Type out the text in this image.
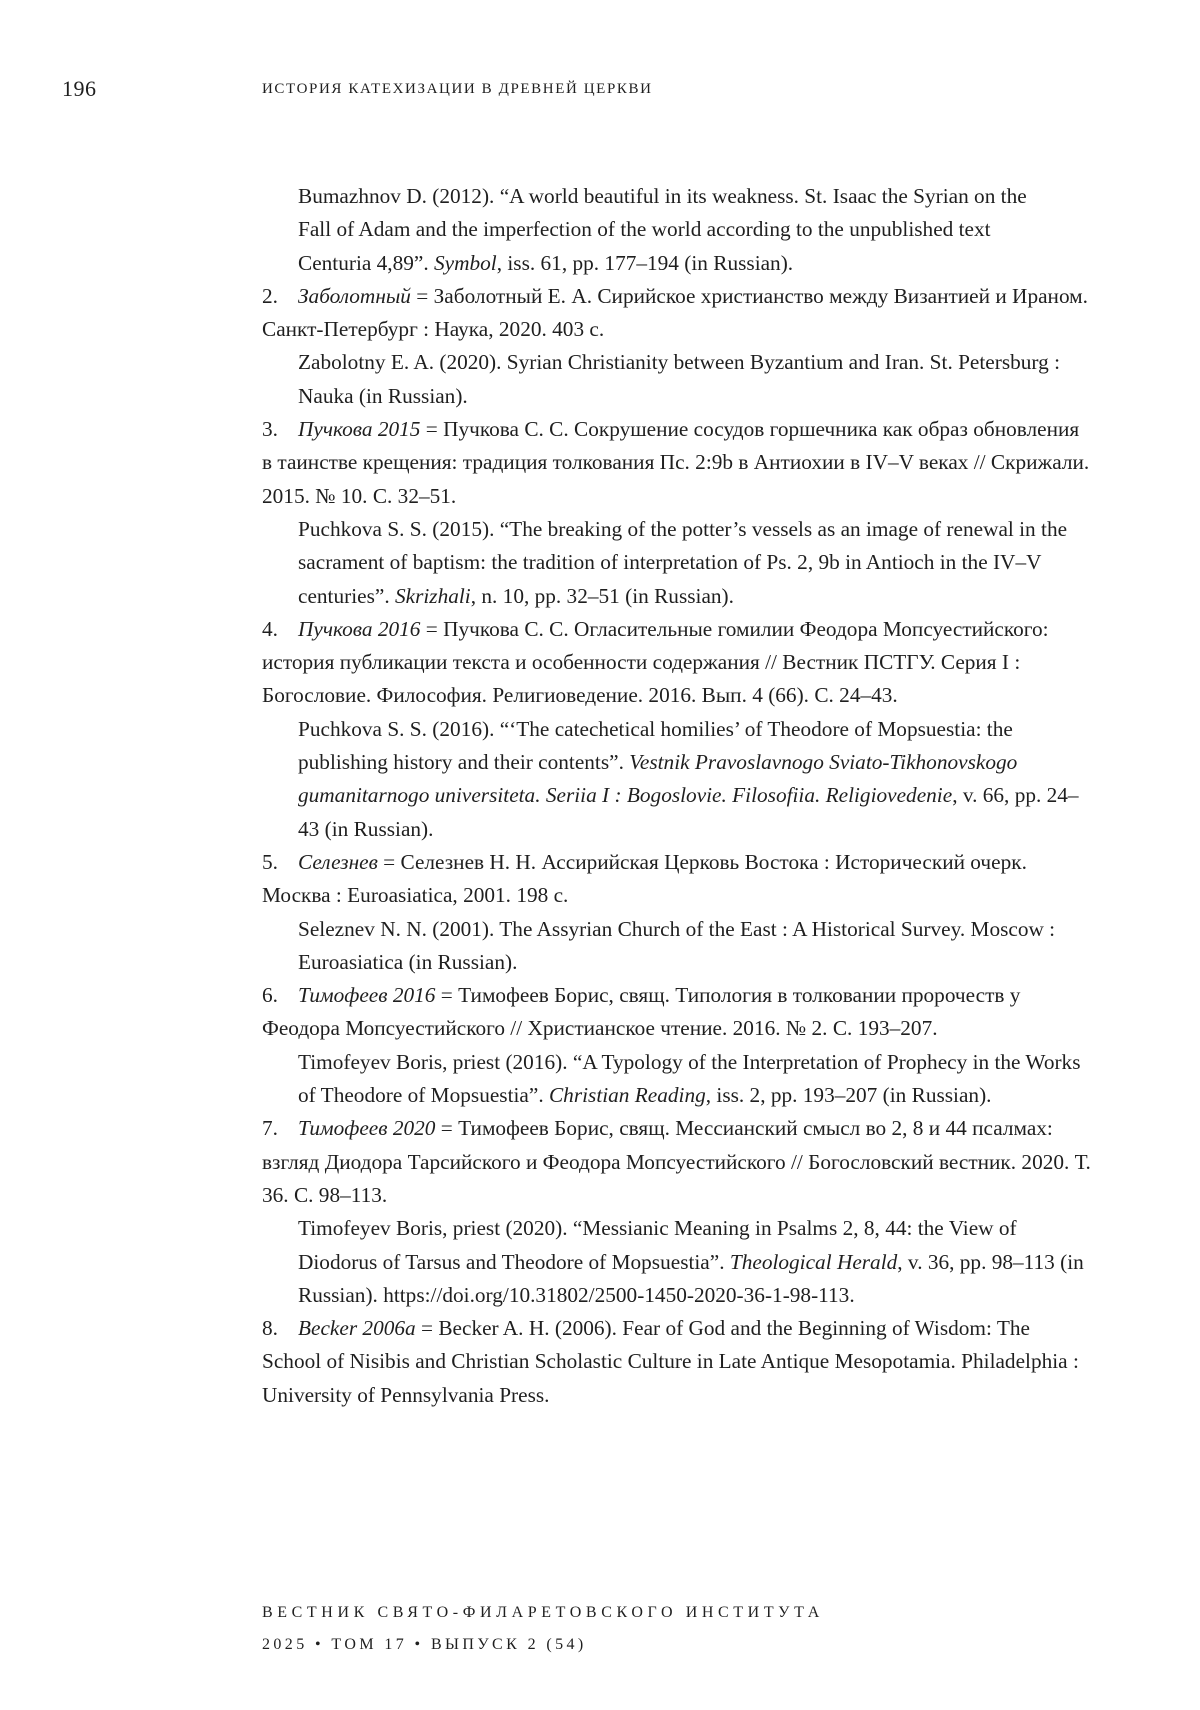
196	ИСТОРИЯ КАТЕХИЗАЦИИ В ДРЕВНЕЙ ЦЕРКВИ

Bumazhnov D. (2012). “A world beautiful in its weakness. St. Isaac the Syrian on the Fall of Adam and the imperfection of the world according to the unpublished text Centuria 4,89”. Symbol, iss. 61, pp. 177–194 (in Russian).

2. Заболотный = Заболотный Е. А. Сирийское христианство между Византией и Ираном. Санкт-Петербург : Наука, 2020. 403 с.

Zabolotny E. A. (2020). Syrian Christianity between Byzantium and Iran. St. Petersburg : Nauka (in Russian).

3. Пучкова 2015 = Пучкова С. С. Сокрушение сосудов горшечника как образ обновления в таинстве крещения: традиция толкования Пс. 2:9b в Антиохии в IV–V веках // Скрижали. 2015. № 10. С. 32–51.

Puchkova S. S. (2015). “The breaking of the potter’s vessels as an image of renewal in the sacrament of baptism: the tradition of interpretation of Ps. 2, 9b in Antioch in the IV–V centuries”. Skrizhali, n. 10, pp. 32–51 (in Russian).

4. Пучкова 2016 = Пучкова С. С. Огласительные гомилии Феодора Мопсуестийского: история публикации текста и особенности содержания // Вестник ПСТГУ. Серия I : Богословие. Философия. Религиоведение. 2016. Вып. 4 (66). С. 24–43.

Puchkova S. S. (2016). “‘The catechetical homilies’ of Theodore of Mopsuestia: the publishing history and their contents”. Vestnik Pravoslavnogo Sviato-Tikhonovskogo gumanitarnogo universiteta. Seriia I : Bogoslovie. Filosofiia. Religiovedenie, v. 66, pp. 24– 43 (in Russian).

5. Селезнев = Селезнев Н. Н. Ассирийская Церковь Востока : Исторический очерк. Москва : Euroasiatica, 2001. 198 с.

Seleznev N. N. (2001). The Assyrian Church of the East : A Historical Survey. Moscow : Euroasiatica (in Russian).

6. Тимофеев 2016 = Тимофеев Борис, свящ. Типология в толковании пророчеств у Феодора Мопсуестийского // Христианское чтение. 2016. № 2. С. 193–207.

Timofeyev Boris, priest (2016). “A Typology of the Interpretation of Prophecy in the Works of Theodore of Mopsuestia”. Christian Reading, iss. 2, pp. 193–207 (in Russian).

7. Тимофеев 2020 = Тимофеев Борис, свящ. Мессианский смысл во 2, 8 и 44 псалмах: взгляд Диодора Тарсийского и Феодора Мопсуестийского // Богословский вестник. 2020. Т. 36. С. 98–113.

Timofeyev Boris, priest (2020). “Messianic Meaning in Psalms 2, 8, 44: the View of Diodorus of Tarsus and Theodore of Mopsuestia”. Theological Herald, v. 36, pp. 98–113 (in Russian). https://doi.org/10.31802/2500-1450-2020-36-1-98-113.

8. Becker 2006a = Becker A. H. (2006). Fear of God and the Beginning of Wisdom: The School of Nisibis and Christian Scholastic Culture in Late Antique Mesopotamia. Philadelphia : University of Pennsylvania Press.

ВЕСТНИК СВЯТО-ФИЛАРЕТОВСКОГО ИНСТИТУТА
2025 • ТОМ 17 • ВЫПУСК 2 (54)
